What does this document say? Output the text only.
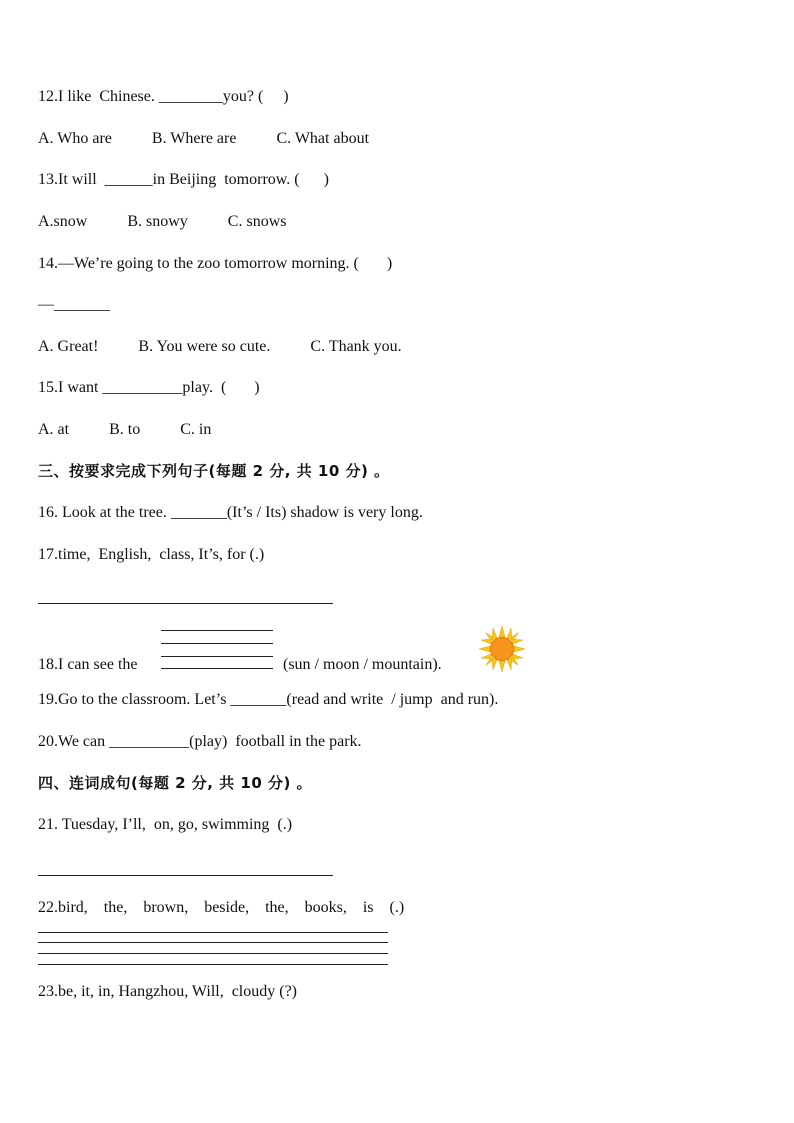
12.I like  Chinese. ________you? (     )
A. Who are          B. Where are          C. What about
13.It will  ______in Beijing  tomorrow. (      )
A.snow          B. snowy          C. snows
14.—We’re going to the zoo tomorrow morning. (       )
—_______
A. Great!          B. You were so cute.          C. Thank you.
15.I want __________play.  (       )
A. at          B. to          C. in
三、按要求完成下列句子(每题 2 分, 共 10 分) 。
16. Look at the tree. _______(It’s / Its) shadow is very long.
17.time,  English,  class, It’s, for (.)
18.I can see the	(sun / moon / mountain).
19.Go to the classroom. Let’s _______(read and write  / jump  and run).
20.We can __________(play)  football in the park.
四、连词成句(每题 2 分, 共 10 分) 。
21. Tuesday, I’ll,  on, go, swimming  (.)
22.bird,    the,    brown,    beside,    the,    books,    is    (.)
23.be, it, in, Hangzhou, Will,  cloudy (?)
